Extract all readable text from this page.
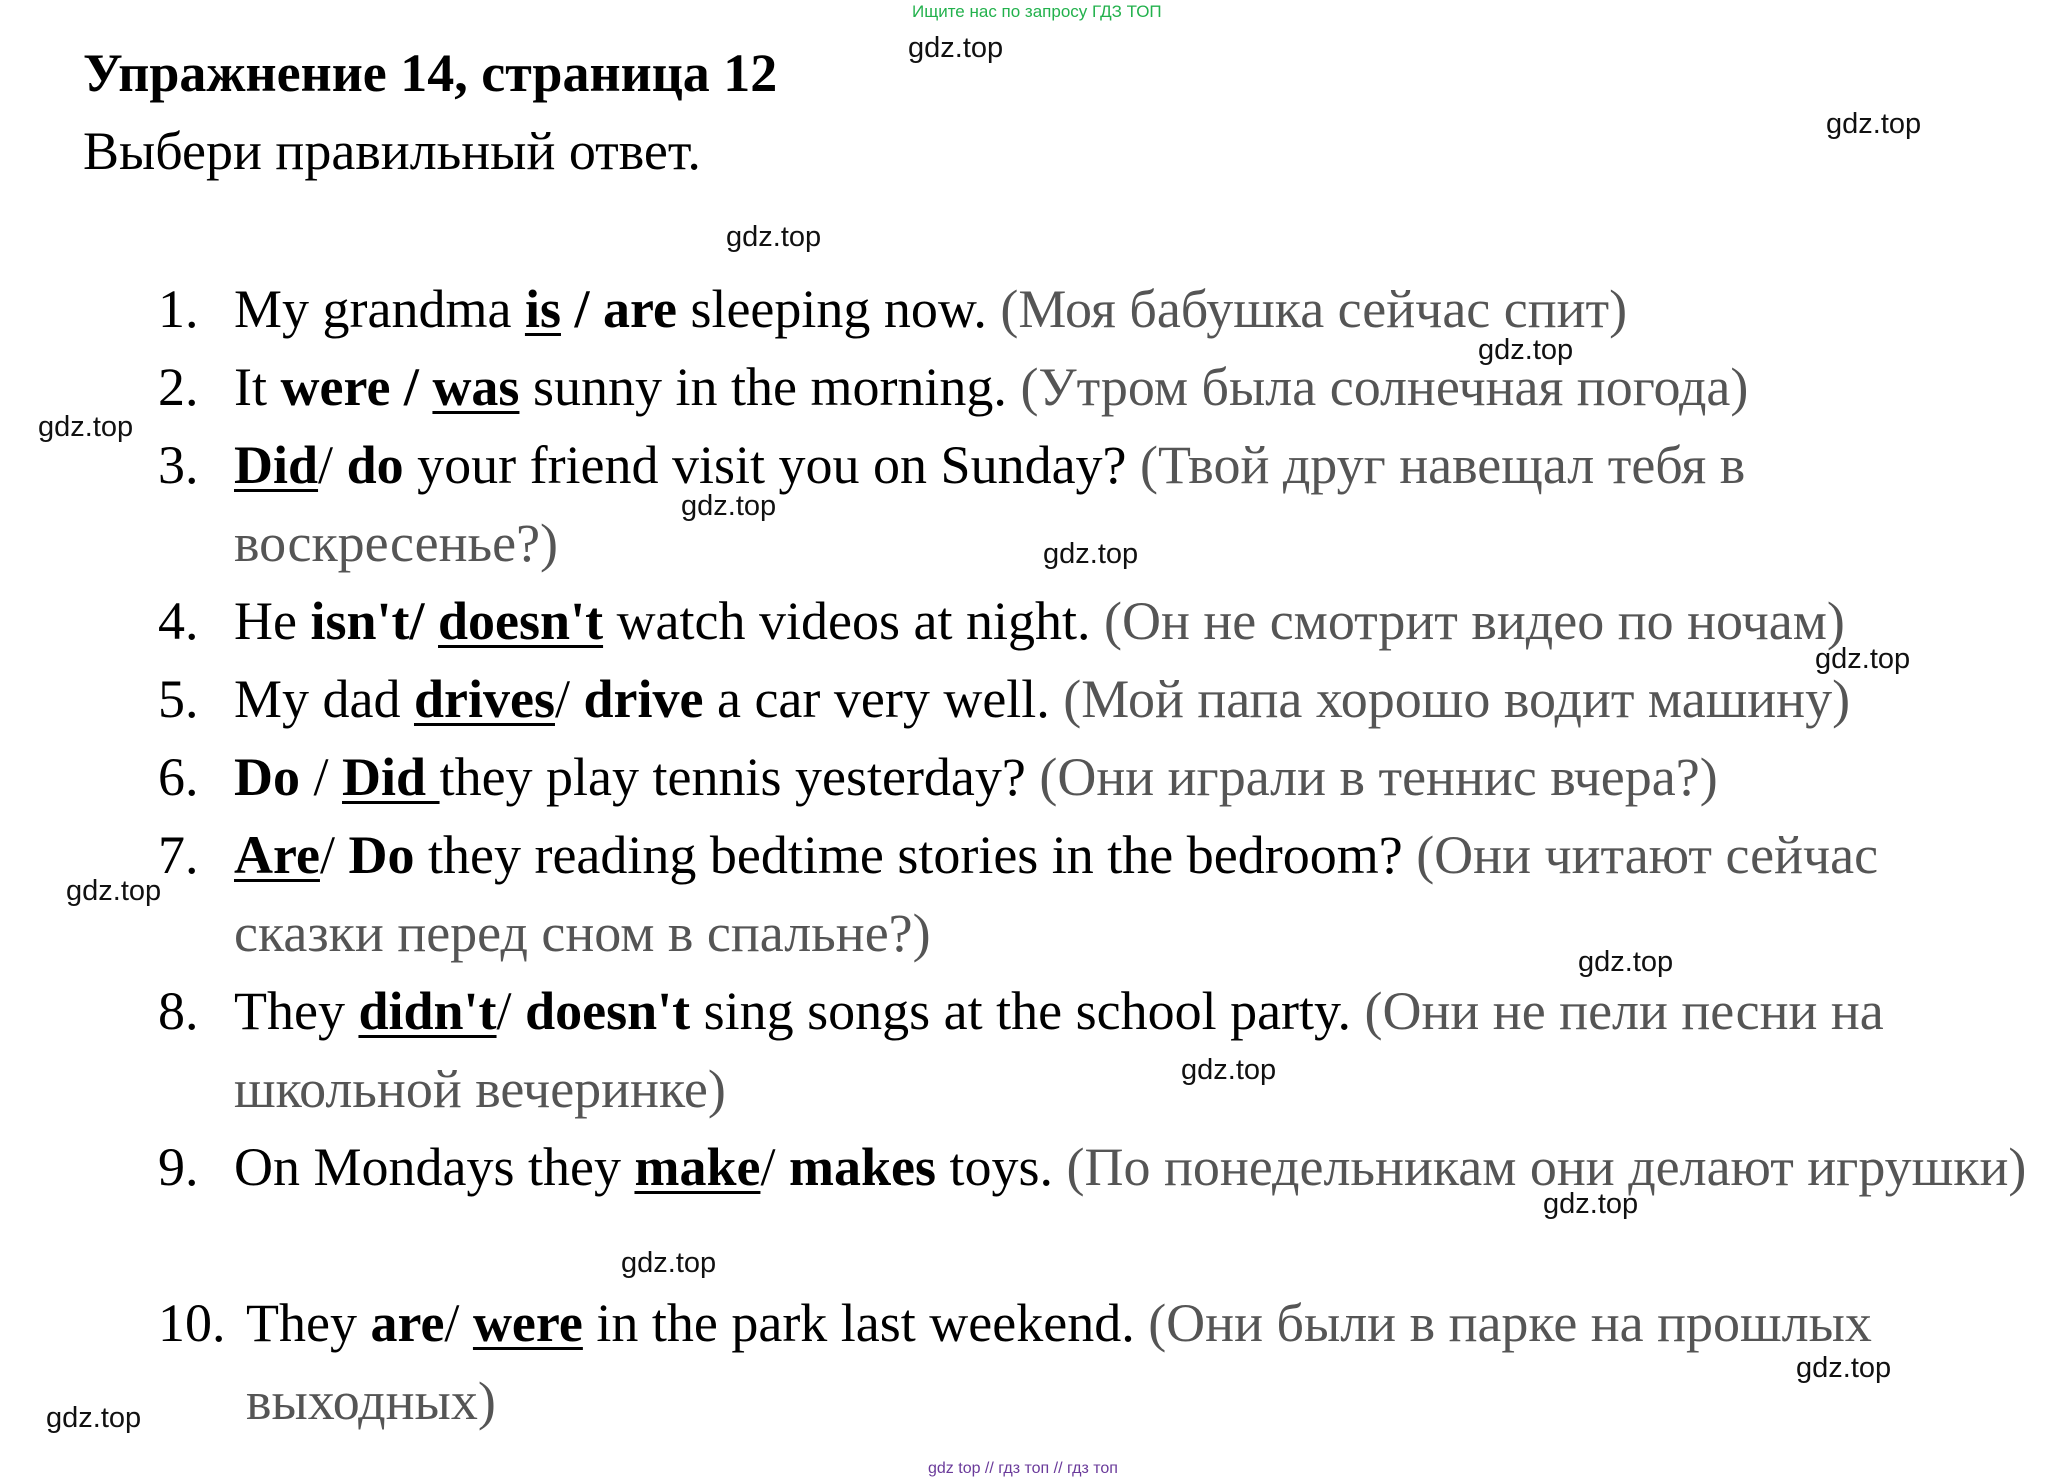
Ищите нас по запросу ГДЗ ТОП
Упражнение 14, страница 12
Выбери правильный ответ.
1. My grandma is / are sleeping now. (Моя бабушка сейчас спит)
2. It were / was sunny in the morning. (Утром была солнечная погода)
3. Did/ do your friend visit you on Sunday? (Твой друг навещал тебя в воскресенье?)
4. He isn't/ doesn't watch videos at night. (Он не смотрит видео по ночам)
5. My dad drives/ drive a car very well. (Мой папа хорошо водит машину)
6. Do / Did they play tennis yesterday? (Они играли в теннис вчера?)
7. Are/ Do they reading bedtime stories in the bedroom? (Они читают сейчас сказки перед сном в спальне?)
8. They didn't/ doesn't sing songs at the school party. (Они не пели песни на школьной вечеринке)
9. On Mondays they make/ makes toys. (По понедельникам они делают игрушки)
10. They are/ were in the park last weekend. (Они были в парке на прошлых выходных)
gdz.top
gdz.top
gdz.top
gdz.top
gdz.top
gdz.top
gdz.top
gdz.top
gdz.top
gdz.top
gdz.top
gdz.top
gdz.top
gdz.top
gdz.top
gdz top // гдз топ // гдз топ
